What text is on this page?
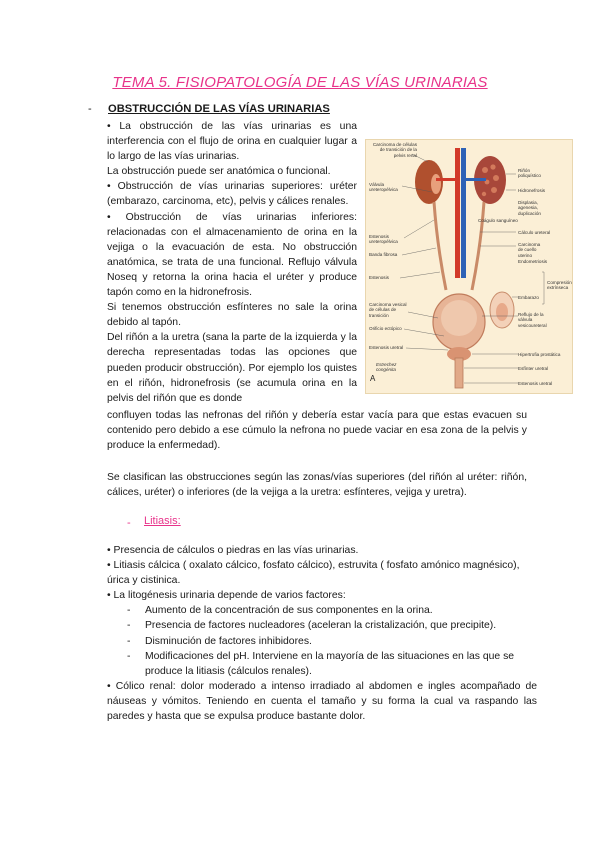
TEMA 5. FISIOPATOLOGÍA DE LAS VÍAS URINARIAS
- OBSTRUCCIÓN DE LAS VÍAS URINARIAS

• La obstrucción de las vías urinarias es una interferencia con el flujo de orina en cualquier lugar a lo largo de las vías urinarias.

La obstrucción puede ser anatómica o funcional.

• Obstrucción de vías urinarias superiores: uréter (embarazo, carcinoma, etc), pelvis y cálices renales.

• Obstrucción de vías urinarias inferiores: relacionadas con el almacenamiento de orina en la vejiga o la evacuación de esta. No obstrucción anatómica, se trata de una funcional. Reflujo válvula Noseq y retorna la orina hacia el uréter y produce tapón como en la hidronefrosis.

Si tenemos obstrucción esfínteres no sale la orina debido al tapón.

Del riñón a la uretra (sana la parte de la izquierda y la derecha representadas todas las opciones que pueden producir obstrucción). Por ejemplo los quistes en el riñón, hidronefrosis (se acumula orina en la pelvis del riñón que es donde

Carcinoma de células de transición de la pelvis renal
Válvula ureteropélvica
Estenosis ureteropélvica
Banda fibrosa
Estenosis
Carcinoma vesical de células de transición
Orificio ectópico
Estenosis uretral
Estrechez congénita
Riñón poliquístico
Hidronefrosis
Displasia, agenesia, duplicación
Coágulo sanguíneo
Cálculo ureteral
Carcinoma de cuello uterino
Endometriosis
Embarazo
Reflujo de la válvula vesicoureteral
Hipertrofia prostática
Esfínter uretral
Estenosis uretral
Compresión extrínseca
A

confluyen todas las nefronas del riñón y debería estar vacía para que estas evacuen su contenido pero debido a ese cúmulo la nefrona no puede vaciar en esa zona de la pelvis y produce la enfermedad).

Se clasifican las obstrucciones según las zonas/vías superiores (del riñón al uréter: riñón, cálices, uréter) o inferiores (de la vejiga a la uretra: esfínteres, vejiga y uretra).

- Litiasis:

• Presencia de cálculos o piedras en las vías urinarias.

• Litiasis cálcica ( oxalato cálcico, fosfato cálcico), estruvita ( fosfato amónico magnésico), úrica y cistinica.

• La litogénesis urinaria depende de varios factores:

- Aumento de la concentración de sus componentes en la orina.
- Presencia de factores nucleadores (aceleran la cristalización, que precipite).
- Disminución de factores inhibidores.
- Modificaciones del pH. Interviene en la mayoría de las situaciones en las que se produce la litiasis (cálculos renales).

• Cólico renal: dolor moderado a intenso irradiado al abdomen e ingles acompañado de náuseas y vómitos. Teniendo en cuenta el tamaño y su forma la cual va raspando las paredes y hasta que se expulsa produce bastante dolor.
